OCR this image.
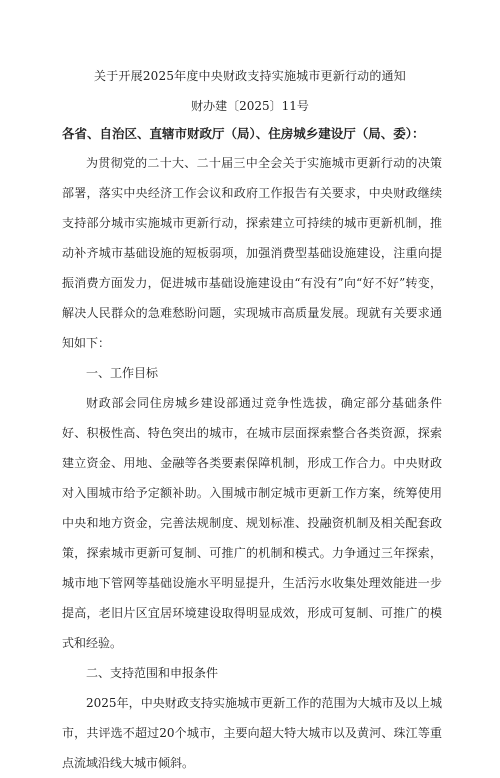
关于开展2025年度中央财政支持实施城市更新行动的通知
财办建〔2025〕11号
各省、自治区、直辖市财政厅（局）、住房城乡建设厅（局、委）：

为贯彻党的二十大、二十届三中全会关于实施城市更新行动的决策部署，落实中央经济工作会议和政府工作报告有关要求，中央财政继续支持部分城市实施城市更新行动，探索建立可持续的城市更新机制，推动补齐城市基础设施的短板弱项，加强消费型基础设施建设，注重向提振消费方面发力，促进城市基础设施建设由“有没有”向“好不好”转变，解决人民群众的急难愁盼问题，实现城市高质量发展。现就有关要求通知如下：

一、工作目标

财政部会同住房城乡建设部通过竞争性选拔，确定部分基础条件好、积极性高、特色突出的城市，在城市层面探索整合各类资源，探索建立资金、用地、金融等各类要素保障机制，形成工作合力。中央财政对入围城市给予定额补助。入围城市制定城市更新工作方案，统筹使用中央和地方资金，完善法规制度、规划标准、投融资机制及相关配套政策，探索城市更新可复制、可推广的机制和模式。力争通过三年探索，城市地下管网等基础设施水平明显提升，生活污水收集处理效能进一步提高，老旧片区宜居环境建设取得明显成效，形成可复制、可推广的模式和经验。

二、支持范围和申报条件

2025年，中央财政支持实施城市更新工作的范围为大城市及以上城市，共评选不超过20个城市，主要向超大特大城市以及黄河、珠江等重点流域沿线大城市倾斜。
